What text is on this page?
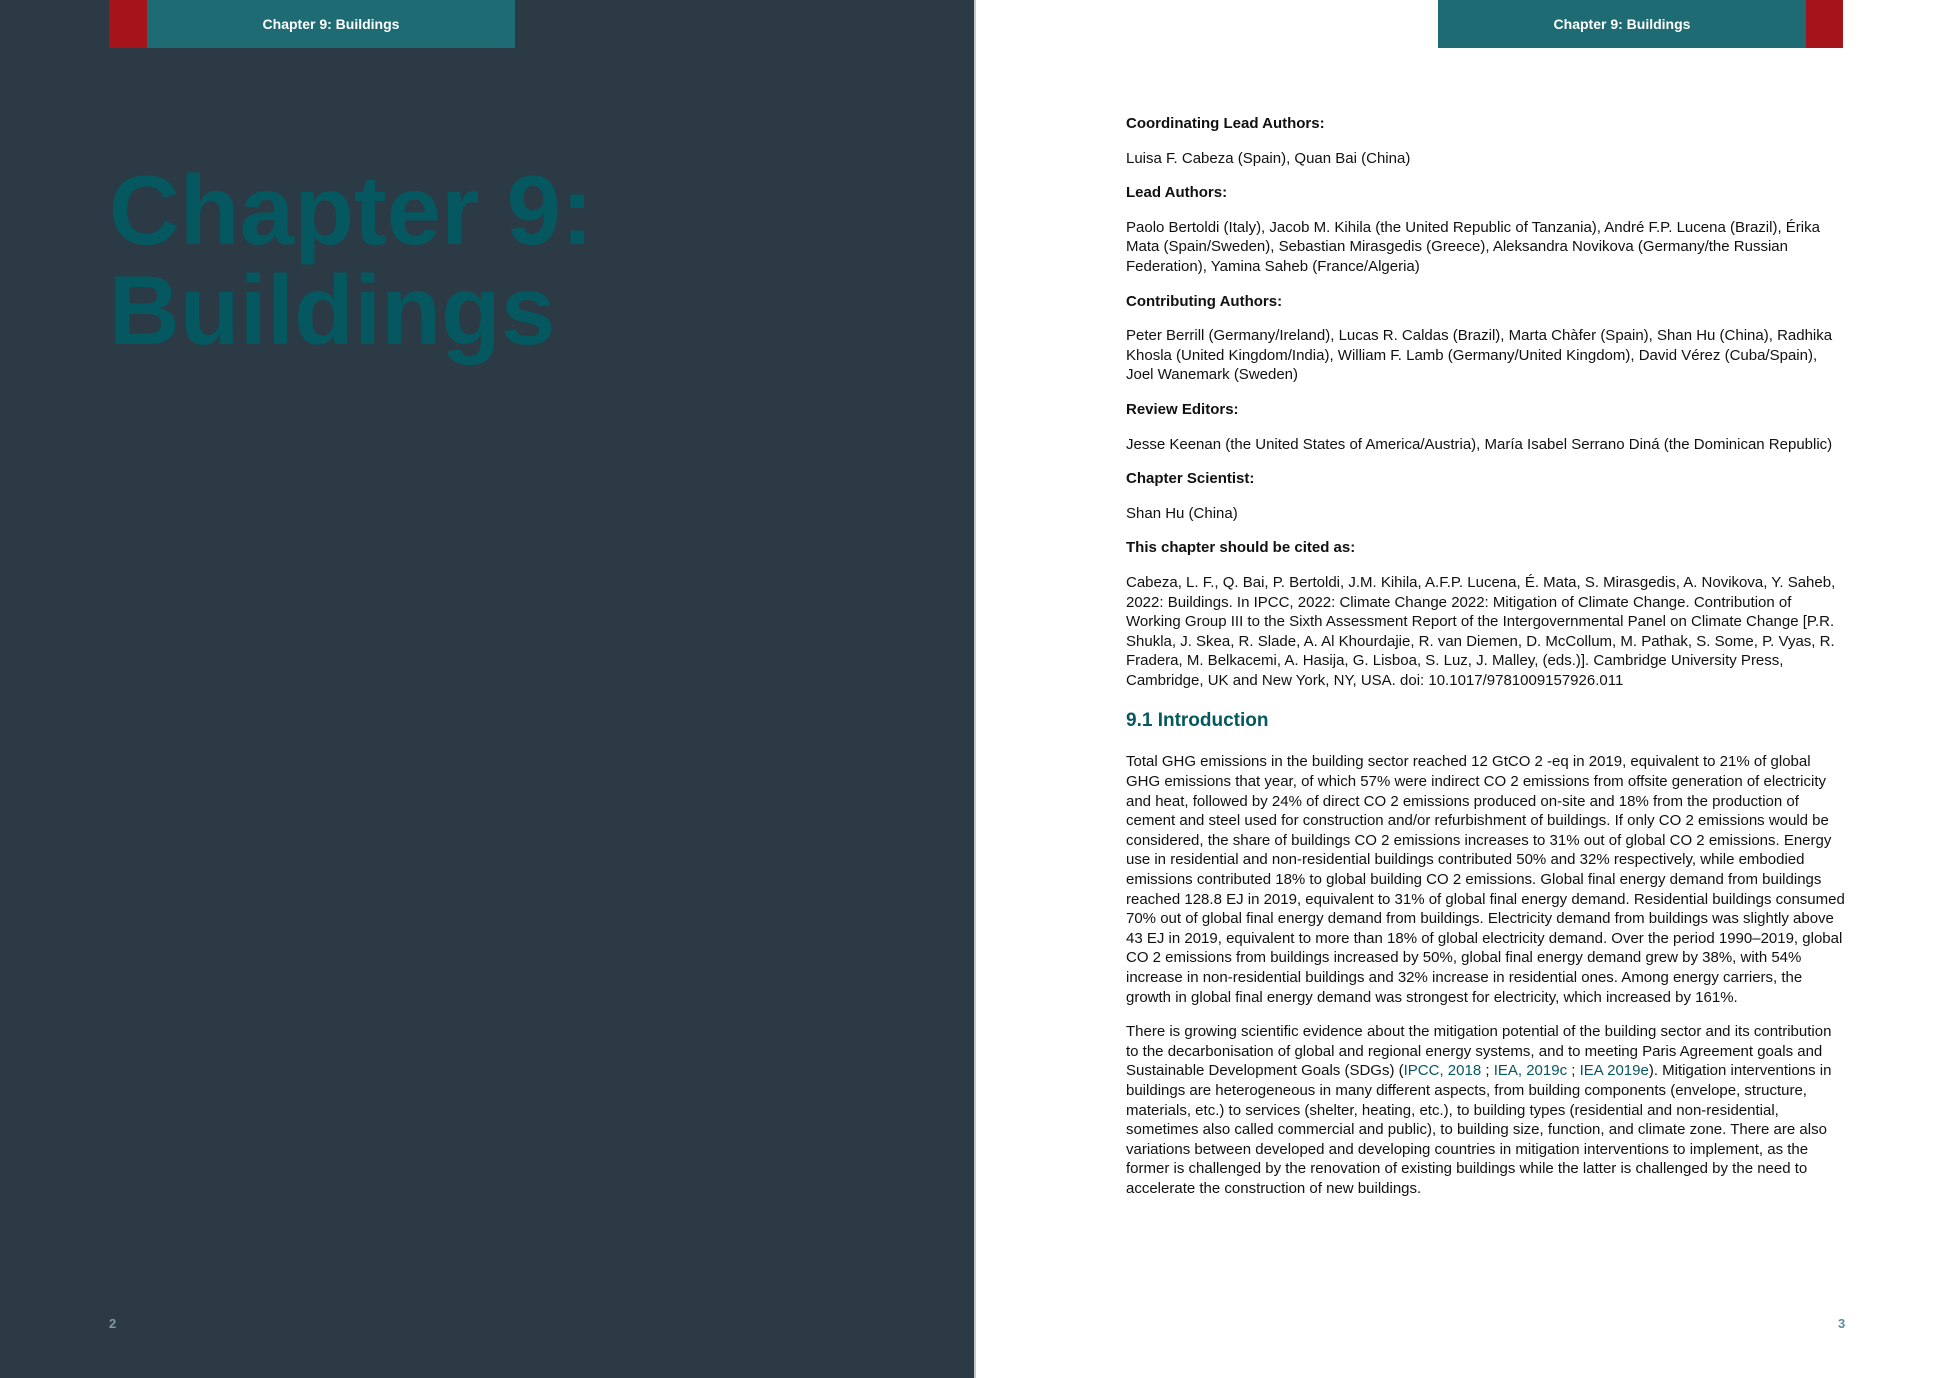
Chapter 9: Buildings
Chapter 9:
Buildings
2
Chapter 9: Buildings

Coordinating Lead Authors:

Luisa F. Cabeza (Spain), Quan Bai (China)

Lead Authors:

Paolo Bertoldi (Italy), Jacob M. Kihila (the United Republic of Tanzania), André F.P. Lucena (Brazil), Érika Mata (Spain/Sweden), Sebastian Mirasgedis (Greece), Aleksandra Novikova (Germany/the Russian Federation), Yamina Saheb (France/Algeria)

Contributing Authors:

Peter Berrill (Germany/Ireland), Lucas R. Caldas (Brazil), Marta Chàfer (Spain), Shan Hu (China), Radhika Khosla (United Kingdom/India), William F. Lamb (Germany/United Kingdom), David Vérez (Cuba/Spain), Joel Wanemark (Sweden)

Review Editors:

Jesse Keenan (the United States of America/Austria), María Isabel Serrano Diná (the Dominican Republic)

Chapter Scientist:

Shan Hu (China)

This chapter should be cited as:

Cabeza, L. F., Q. Bai, P. Bertoldi, J.M. Kihila, A.F.P. Lucena, É. Mata, S. Mirasgedis, A. Novikova, Y. Saheb, 2022: Buildings. In IPCC, 2022: Climate Change 2022: Mitigation of Climate Change. Contribution of Working Group III to the Sixth Assessment Report of the Intergovernmental Panel on Climate Change [P.R. Shukla, J. Skea, R. Slade, A. Al Khourdajie, R. van Diemen, D. McCollum, M. Pathak, S. Some, P. Vyas, R. Fradera, M. Belkacemi, A. Hasija, G. Lisboa, S. Luz, J. Malley, (eds.)]. Cambridge University Press, Cambridge, UK and New York, NY, USA. doi: 10.1017/9781009157926.011

9.1 Introduction

Total GHG emissions in the building sector reached 12 GtCO 2 -eq in 2019, equivalent to 21% of global GHG emissions that year, of which 57% were indirect CO 2 emissions from offsite generation of electricity and heat, followed by 24% of direct CO 2 emissions produced on-site and 18% from the production of cement and steel used for construction and/or refurbishment of buildings. If only CO 2 emissions would be considered, the share of buildings CO 2 emissions increases to 31% out of global CO 2 emissions. Energy use in residential and non-residential buildings contributed 50% and 32% respectively, while embodied emissions contributed 18% to global building CO 2 emissions. Global final energy demand from buildings reached 128.8 EJ in 2019, equivalent to 31% of global final energy demand. Residential buildings consumed 70% out of global final energy demand from buildings. Electricity demand from buildings was slightly above 43 EJ in 2019, equivalent to more than 18% of global electricity demand. Over the period 1990–2019, global CO 2 emissions from buildings increased by 50%, global final energy demand grew by 38%, with 54% increase in non-residential buildings and 32% increase in residential ones. Among energy carriers, the growth in global final energy demand was strongest for electricity, which increased by 161%.

There is growing scientific evidence about the mitigation potential of the building sector and its contribution to the decarbonisation of global and regional energy systems, and to meeting Paris Agreement goals and Sustainable Development Goals (SDGs) (IPCC, 2018 ; IEA, 2019c ; IEA 2019e). Mitigation interventions in buildings are heterogeneous in many different aspects, from building components (envelope, structure, materials, etc.) to services (shelter, heating, etc.), to building types (residential and non-residential, sometimes also called commercial and public), to building size, function, and climate zone. There are also variations between developed and developing countries in mitigation interventions to implement, as the former is challenged by the renovation of existing buildings while the latter is challenged by the need to accelerate the construction of new buildings.

3
